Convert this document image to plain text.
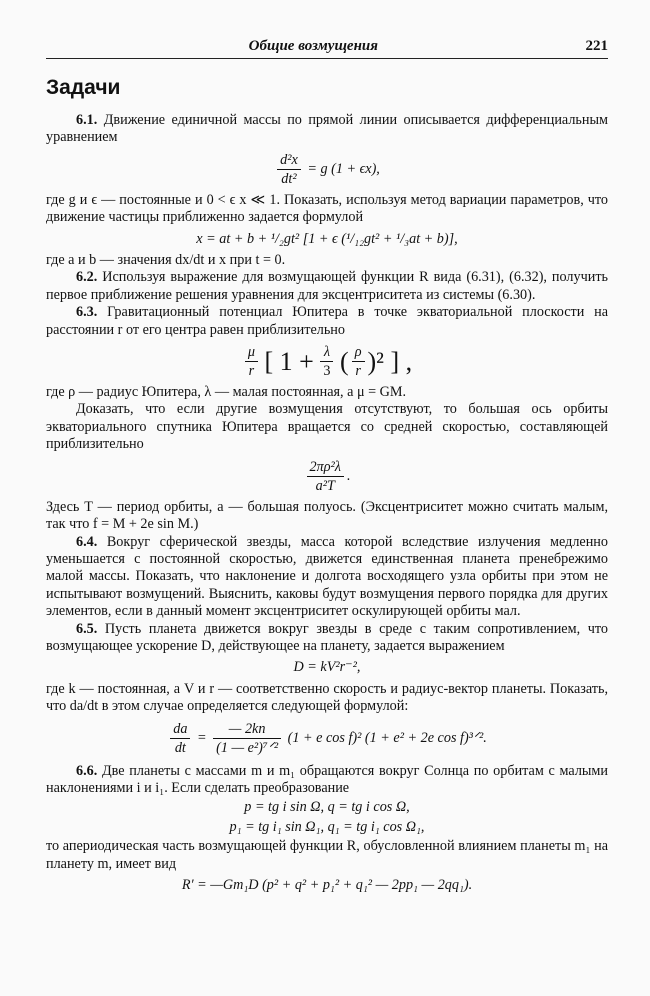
Общие возмущения	221
Задачи

6.1. Движение единичной массы по прямой линии описывается дифференциальным уравнением

$\frac{\text{d²x}}{\text{dt²}} = g$ (1 + ϵx),

где g и ϵ — постоянные и 0 < ϵ x ≪ 1. Показать, используя метод вариации параметров, что движение частицы приближенно задается формулой

x = at + b + ¹/₂gt² [1 + ϵ (¹/₁₂gt² + ¹/₃at + b)],

где a и b — значения dx/dt и x при t = 0.

6.2. Используя выражение для возмущающей функции R вида (6.31), (6.32), получить первое приближение решения уравнения для эксцентриситета из системы (6.30).

6.3. Гравитационный потенциал Юпитера в точке экваториальной плоскости на расстоянии r от его центра равен приблизительно

$\frac{\mu}{r}$ [ $1 + \frac{\lambda}{3}$ ( $\frac{\rho}{r} )^2$ ] ,

где ρ — радиус Юпитера, λ — малая постоянная, а μ = GM.

Доказать, что если другие возмущения отсутствуют, то большая ось орбиты экваториального спутника Юпитера вращается со средней скоростью, составляющей приблизительно

$\frac{\text{2πρ²λ}}{\text{a²T}}$ .

Здесь T — период орбиты, a — большая полуось. (Эксцентриситет можно считать малым, так что f = M + 2e sin M.)

6.4. Вокруг сферической звезды, масса которой вследствие излучения медленно уменьшается с постоянной скоростью, движется единственная планета пренебрежимо малой массы. Показать, что наклонение и долгота восходящего узла орбиты при этом не испытывают возмущений. Выяснить, каковы будут возмущения первого порядка для других элементов, если в данный момент эксцентриситет оскулирующей орбиты мал.

6.5. Пусть планета движется вокруг звезды в среде с таким сопротивлением, что возмущающее ускорение D, действующее на планету, задается выражением

D = kV²r⁻²,

где k — постоянная, а V и r — соответственно скорость и радиус-вектор планеты. Показать, что da/dt в этом случае определяется следующей формулой:

$\frac{da}{dt} = \frac{— 2kn}{\text{(1 — e²)⁷ᐟ²}} (1 + e$ cos f)² (1 + e² + 2e cos f)³ᐟ².

6.6. Две планеты с массами m и m₁ обращаются вокруг Солнца по орбитам с малыми наклонениями i и i₁. Если сделать преобразование

p = tg i sin Ω, q = tg i cos Ω,
p₁ = tg i₁ sin Ω₁, q₁ = tg i₁ cos Ω₁,

то апериодическая часть возмущающей функции R, обусловленной влиянием планеты m₁ на планету m, имеет вид

R′ = —Gm₁D (p² + q² + p₁² + q₁² — 2pp₁ — 2qq₁).
